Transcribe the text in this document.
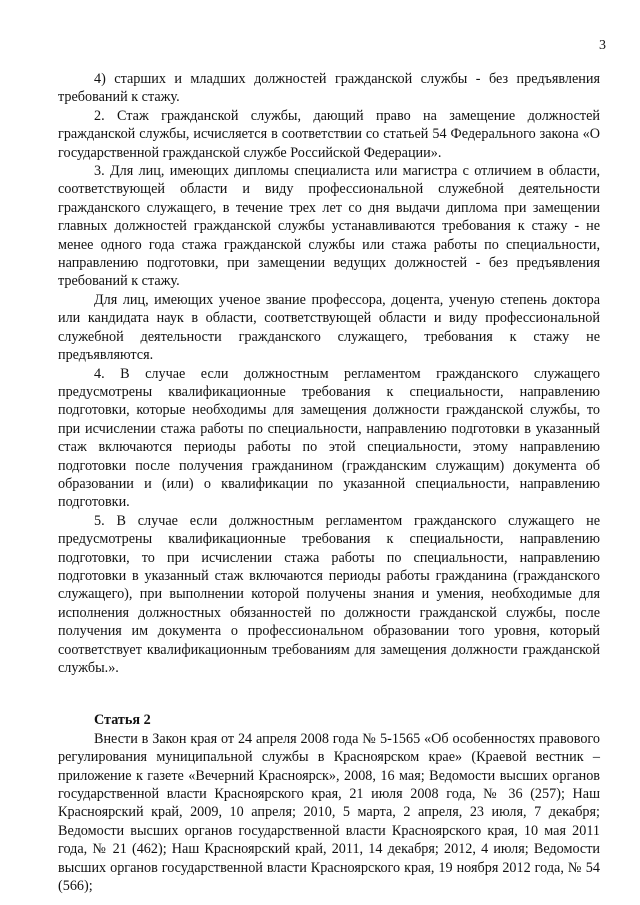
3

4) старших и младших должностей гражданской службы - без предъявления требований к стажу.

2. Стаж гражданской службы, дающий право на замещение должностей гражданской службы, исчисляется в соответствии со статьей 54 Федерального закона «О государственной гражданской службе Российской Федерации».

3. Для лиц, имеющих дипломы специалиста или магистра с отличием в области, соответствующей области и виду профессиональной служебной деятельности гражданского служащего, в течение трех лет со дня выдачи диплома при замещении главных должностей гражданской службы устанавливаются требования к стажу - не менее одного года стажа гражданской службы или стажа работы по специальности, направлению подготовки, при замещении ведущих должностей - без предъявления требований к стажу.

Для лиц, имеющих ученое звание профессора, доцента, ученую степень доктора или кандидата наук в области, соответствующей области и виду профессиональной служебной деятельности гражданского служащего, требования к стажу не предъявляются.

4. В случае если должностным регламентом гражданского служащего предусмотрены квалификационные требования к специальности, направлению подготовки, которые необходимы для замещения должности гражданской службы, то при исчислении стажа работы по специальности, направлению подготовки в указанный стаж включаются периоды работы по этой специальности, этому направлению подготовки после получения гражданином (гражданским служащим) документа об образовании и (или) о квалификации по указанной специальности, направлению подготовки.

5. В случае если должностным регламентом гражданского служащего не предусмотрены квалификационные требования к специальности, направлению подготовки, то при исчислении стажа работы по специальности, направлению подготовки в указанный стаж включаются периоды работы гражданина (гражданского служащего), при выполнении которой получены знания и умения, необходимые для исполнения должностных обязанностей по должности гражданской службы, после получения им документа о профессиональном образовании того уровня, который соответствует квалификационным требованиям для замещения должности гражданской службы.».

Статья 2

Внести в Закон края от 24 апреля 2008 года № 5-1565 «Об особенностях правового регулирования муниципальной службы в Красноярском крае» (Краевой вестник – приложение к газете «Вечерний Красноярск», 2008, 16 мая; Ведомости высших органов государственной власти Красноярского края, 21 июля 2008 года, № 36 (257); Наш Красноярский край, 2009, 10 апреля; 2010, 5 марта, 2 апреля, 23 июля, 7 декабря; Ведомости высших органов государственной власти Красноярского края, 10 мая 2011 года, № 21 (462); Наш Красноярский край, 2011, 14 декабря; 2012, 4 июля; Ведомости высших органов государственной власти Красноярского края, 19 ноября 2012 года, № 54 (566);
